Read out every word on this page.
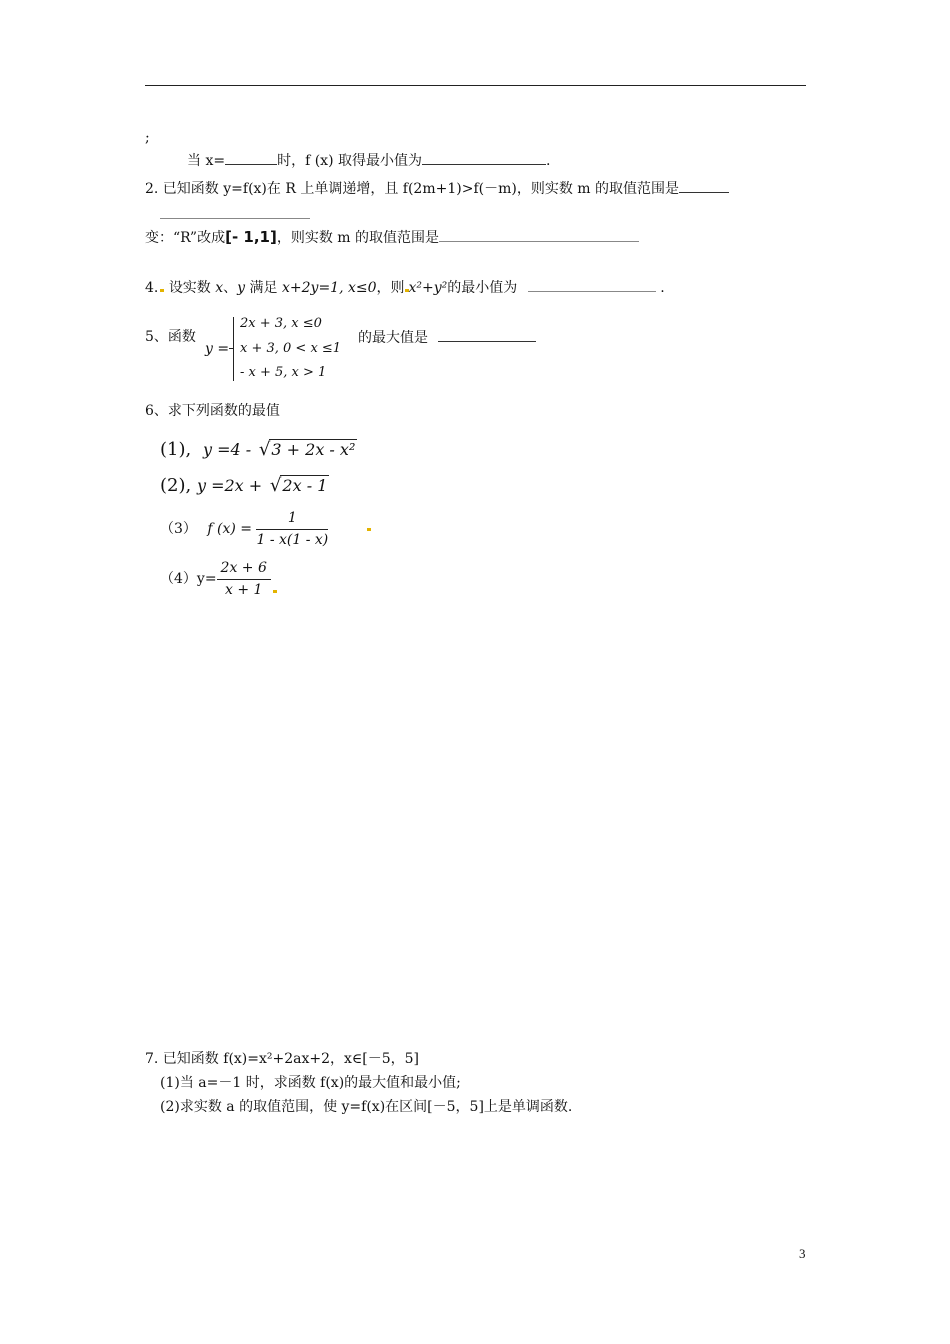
;
当 x=	时，f (x) 取得最小值为	.
2. 已知函数 y=f(x)在 R 上单调递增，且 f(2m+1)>f(－m)，则实数 m 的取值范围是
变：“R”改成[- 1,1]，则实数 m 的取值范围是
4. 设实数 x、y 满足 x+2y=1, x≤0，则 x²+y²的最小值为	.
5、函数
y =
2x + 3, x ≤0
x + 3, 0 < x ≤1
- x + 5, x > 1
的最大值是
6、求下列函数的最值
(1), y =4 - √3 + 2x - x²
(2), y =2x + √2x - 1
（3） f $(x) = \frac{1}{1 - x(1 - x)}$

$(4)y= \frac{2x + 6}{x + 1}$
7. 已知函数 f(x)=x²+2ax+2，x∈[－5，5]
(1)当 a=－1 时，求函数 f(x)的最大值和最小值;
(2)求实数 a 的取值范围，使 y=f(x)在区间[－5，5]上是单调函数.
3
